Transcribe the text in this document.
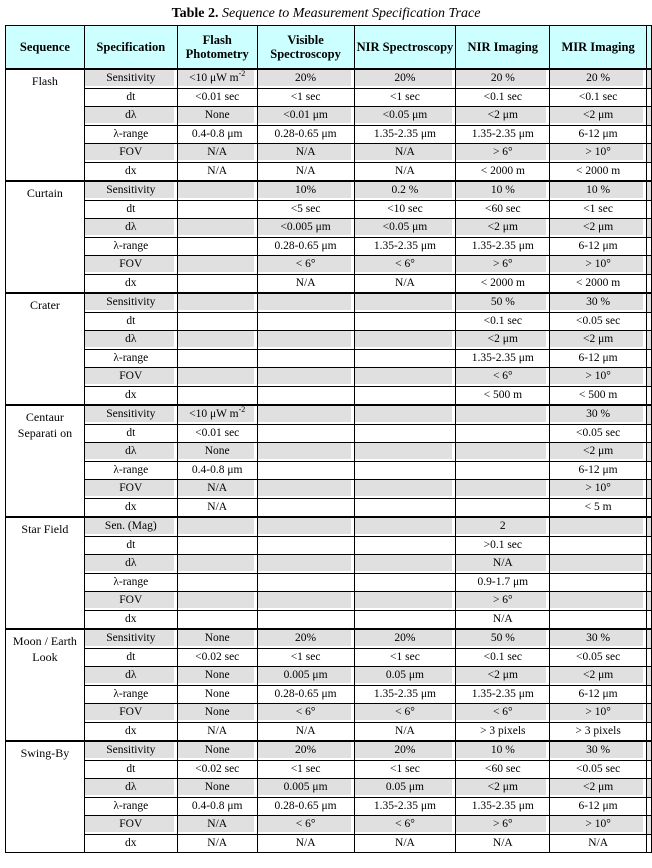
Table 2. Sequence to Measurement Specification Trace
Sequence	Specification	Flash Photometry	Visible Spectroscopy	NIR Spectroscopy	NIR Imaging	MIR Imaging	
Flash	Sensitivity	<10 μW $m^{-2}$	20%	20%	20 %	20 %	
	dt	<0.01 sec	<1 sec	<1 sec	<0.1 sec	<0.1 sec	
	dλ	None	<0.01 μm	<0.05 μm	<2 μm	<2 μm	
	λ-range	0.4-0.8 μm	0.28-0.65 μm	1.35-2.35 μm	1.35-2.35 μm	6-12 μm	
	FOV	N/A	N/A	N/A	> 6°	> 10°	
	dx	N/A	N/A	N/A	< 2000 m	< 2000 m	
Curtain	Sensitivity		10%	0.2 %	10 %	10 %	
	dt		<5 sec	<10 sec	<60 sec	<1 sec	
	dλ		<0.005 μm	<0.05 μm	<2 μm	<2 μm	
	λ-range		0.28-0.65 μm	1.35-2.35 μm	1.35-2.35 μm	6-12 μm	
	FOV		< 6°	< 6°	> 6°	> 10°	
	dx		N/A	N/A	< 2000 m	< 2000 m	
Crater	Sensitivity				50 %	30 %	
	dt				<0.1 sec	<0.05 sec	
	dλ				<2 μm	<2 μm	
	λ-range				1.35-2.35 μm	6-12 μm	
	FOV				< 6°	> 10°	
	dx				< 500 m	< 500 m	
Centaur Separati on	Sensitivity	<10 μW $m^{-2}$				30 %	
	dt	<0.01 sec				<0.05 sec	
	dλ	None				<2 μm	
	λ-range	0.4-0.8 μm				6-12 μm	
	FOV	N/A				> 10°	
	dx	N/A				< 5 m	
Star Field	Sen. (Mag)				2		
	dt				>0.1 sec		
	dλ				N/A		
	λ-range				0.9-1.7 μm		
	FOV				> 6°		
	dx				N/A		
Moon / Earth Look	Sensitivity	None	20%	20%	50 %	30 %	
	dt	<0.02 sec	<1 sec	<1 sec	<0.1 sec	<0.05 sec	
	dλ	None	0.005 μm	0.05 μm	<2 μm	<2 μm	
	λ-range	None	0.28-0.65 μm	1.35-2.35 μm	1.35-2.35 μm	6-12 μm	
	FOV	None	< 6°	< 6°	< 6°	> 10°	
	dx	N/A	N/A	N/A	> 3 pixels	> 3 pixels	
Swing-By	Sensitivity	None	20%	20%	10 %	30 %	
	dt	<0.02 sec	<1 sec	<1 sec	<60 sec	<0.05 sec	
	dλ	None	0.005 μm	0.05 μm	<2 μm	<2 μm	
	λ-range	0.4-0.8 μm	0.28-0.65 μm	1.35-2.35 μm	1.35-2.35 μm	6-12 μm	
	FOV	N/A	< 6°	< 6°	> 6°	> 10°	
	dx	N/A	N/A	N/A	N/A	N/A	
